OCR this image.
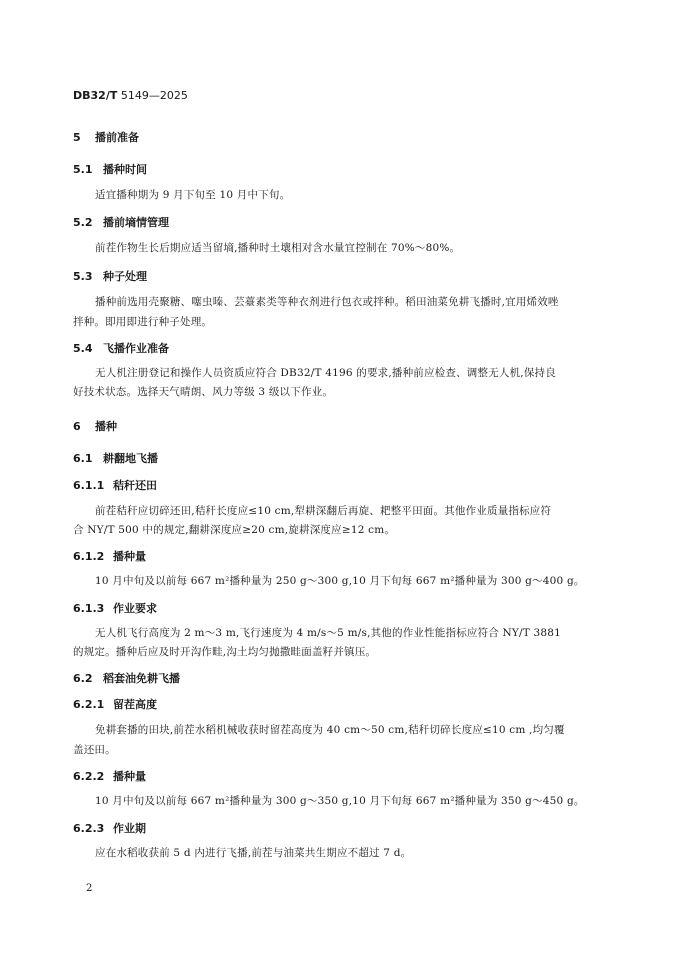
DB32/T 5149—2025
5 播前准备
5.1 播种时间
适宜播种期为 9 月下旬至 10 月中下旬。
5.2 播前墒情管理
前茬作物生长后期应适当留墒,播种时土壤相对含水量宜控制在 70%～80%。
5.3 种子处理
播种前选用壳聚糖、噻虫嗪、芸薹素类等种衣剂进行包衣或拌种。稻田油菜免耕飞播时,宜用烯效唑
拌种。即用即进行种子处理。
5.4 飞播作业准备
无人机注册登记和操作人员资质应符合 DB32/T 4196 的要求,播种前应检查、调整无人机,保持良
好技术状态。选择天气晴朗、风力等级 3 级以下作业。
6 播种
6.1 耕翻地飞播
6.1.1 秸秆还田
前茬秸秆应切碎还田,秸秆长度应≤10 cm,犁耕深翻后再旋、耙整平田面。其他作业质量指标应符
合 NY/T 500 中的规定,翻耕深度应≥20 cm,旋耕深度应≥12 cm。
6.1.2 播种量
10 月中旬及以前每 667 m²播种量为 250 g～300 g,10 月下旬每 667 m²播种量为 300 g～400 g。
6.1.3 作业要求
无人机飞行高度为 2 m～3 m,飞行速度为 4 m/s～5 m/s,其他的作业性能指标应符合 NY/T 3881
的规定。播种后应及时开沟作畦,沟土均匀抛撒畦面盖籽并镇压。
6.2 稻套油免耕飞播
6.2.1 留茬高度
免耕套播的田块,前茬水稻机械收获时留茬高度为 40 cm～50 cm,秸秆切碎长度应≤10 cm ,均匀覆
盖还田。
6.2.2 播种量
10 月中旬及以前每 667 m²播种量为 300 g～350 g,10 月下旬每 667 m²播种量为 350 g～450 g。
6.2.3 作业期
应在水稻收获前 5 d 内进行飞播,前茬与油菜共生期应不超过 7 d。
2
